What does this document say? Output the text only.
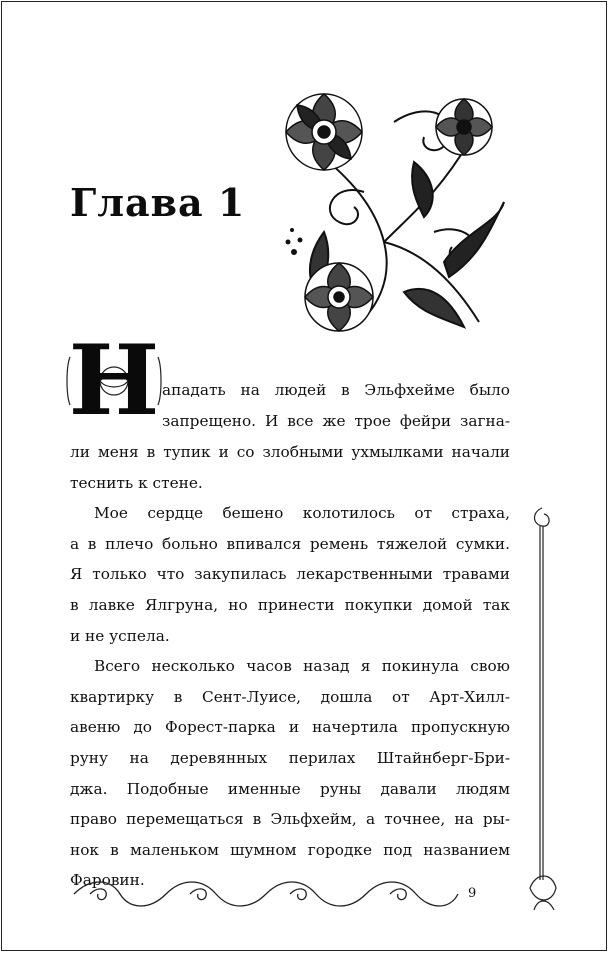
Глава 1
Н ападать на людей в Эльфхейме было
запрещено. И все же трое фейри загна-
ли меня в тупик и со злобными ухмылками начали
теснить к стене.
Мое сердце бешено колотилось от страха,
а в плечо больно впивался ремень тяжелой сумки.
Я только что закупилась лекарственными травами
в лавке Ялгруна, но принести покупки домой так
и не успела.
Всего несколько часов назад я покинула свою
квартирку в Сент-Луисе, дошла от Арт-Хилл-
авеню до Форест-парка и начертила пропускную
руну на деревянных перилах Штайнберг-Бри-
джа. Подобные именные руны давали людям
право перемещаться в Эльфхейм, а точнее, на ры-
нок в маленьком шумном городке под названием
Фаровин.
9
